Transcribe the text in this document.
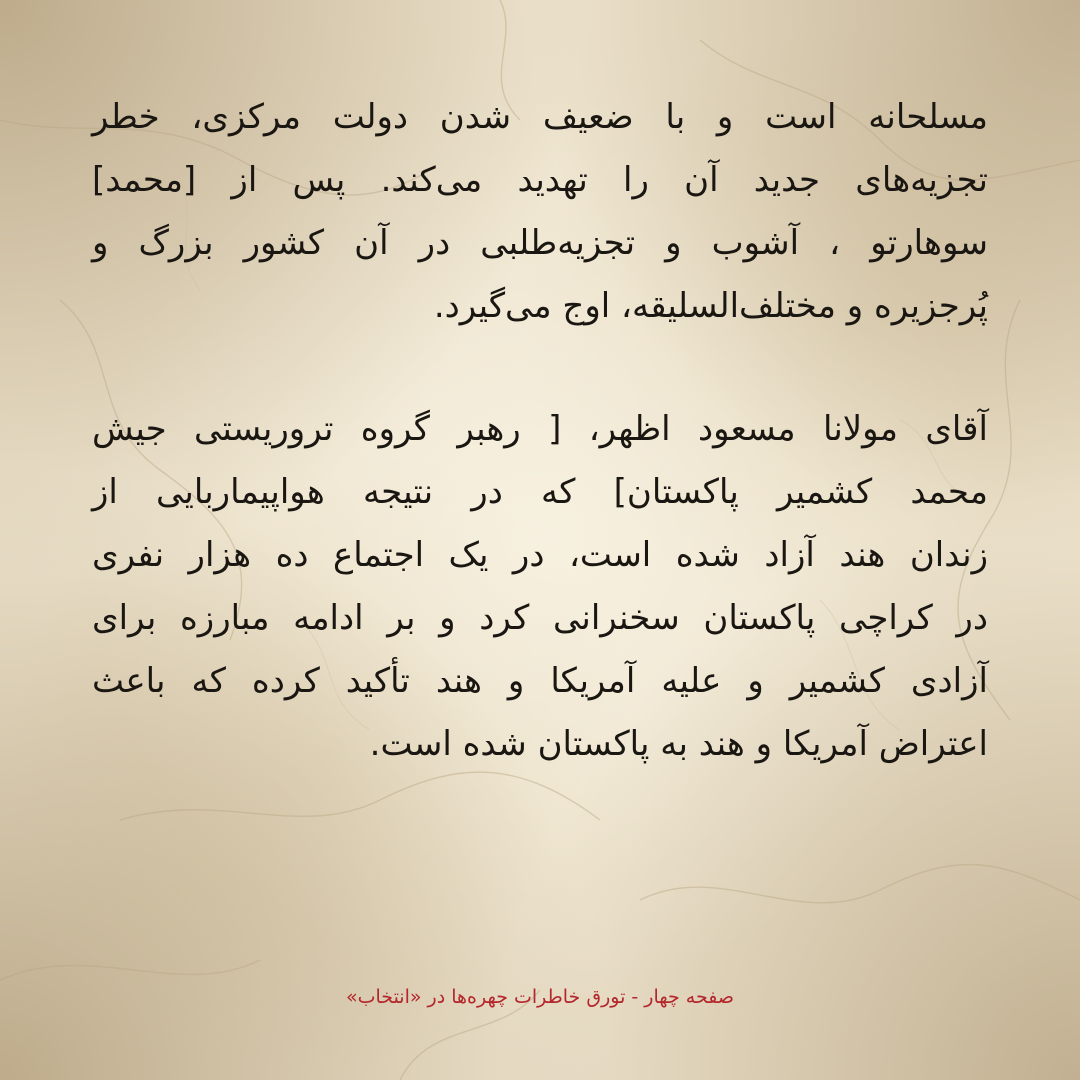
مسلحانه است و با ضعیف شدن دولت مرکزی، خطر
تجزیه‌های جدید آن را تهدید می‌کند. پس از [محمد]
سوهارتو ، آشوب و تجزیه‌طلبی در آن کشور بزرگ و
پُرجزیره و مختلف‌السلیقه، اوج می‌گیرد.
آقای مولانا مسعود اظهر، [ رهبر گروه تروریستی جیش
محمد کشمیر پاکستان] که در نتیجه هواپیماربایی از
زندان هند آزاد شده است، در یک اجتماع ده هزار نفری
در کراچی پاکستان سخنرانی کرد و بر ادامه مبارزه برای
آزادی کشمیر و علیه آمریکا و هند تأکید کرده که باعث
اعتراض آمریکا و هند به پاکستان شده است.
صفحه چهار - تورق خاطرات چهره‌ها در «انتخاب»
